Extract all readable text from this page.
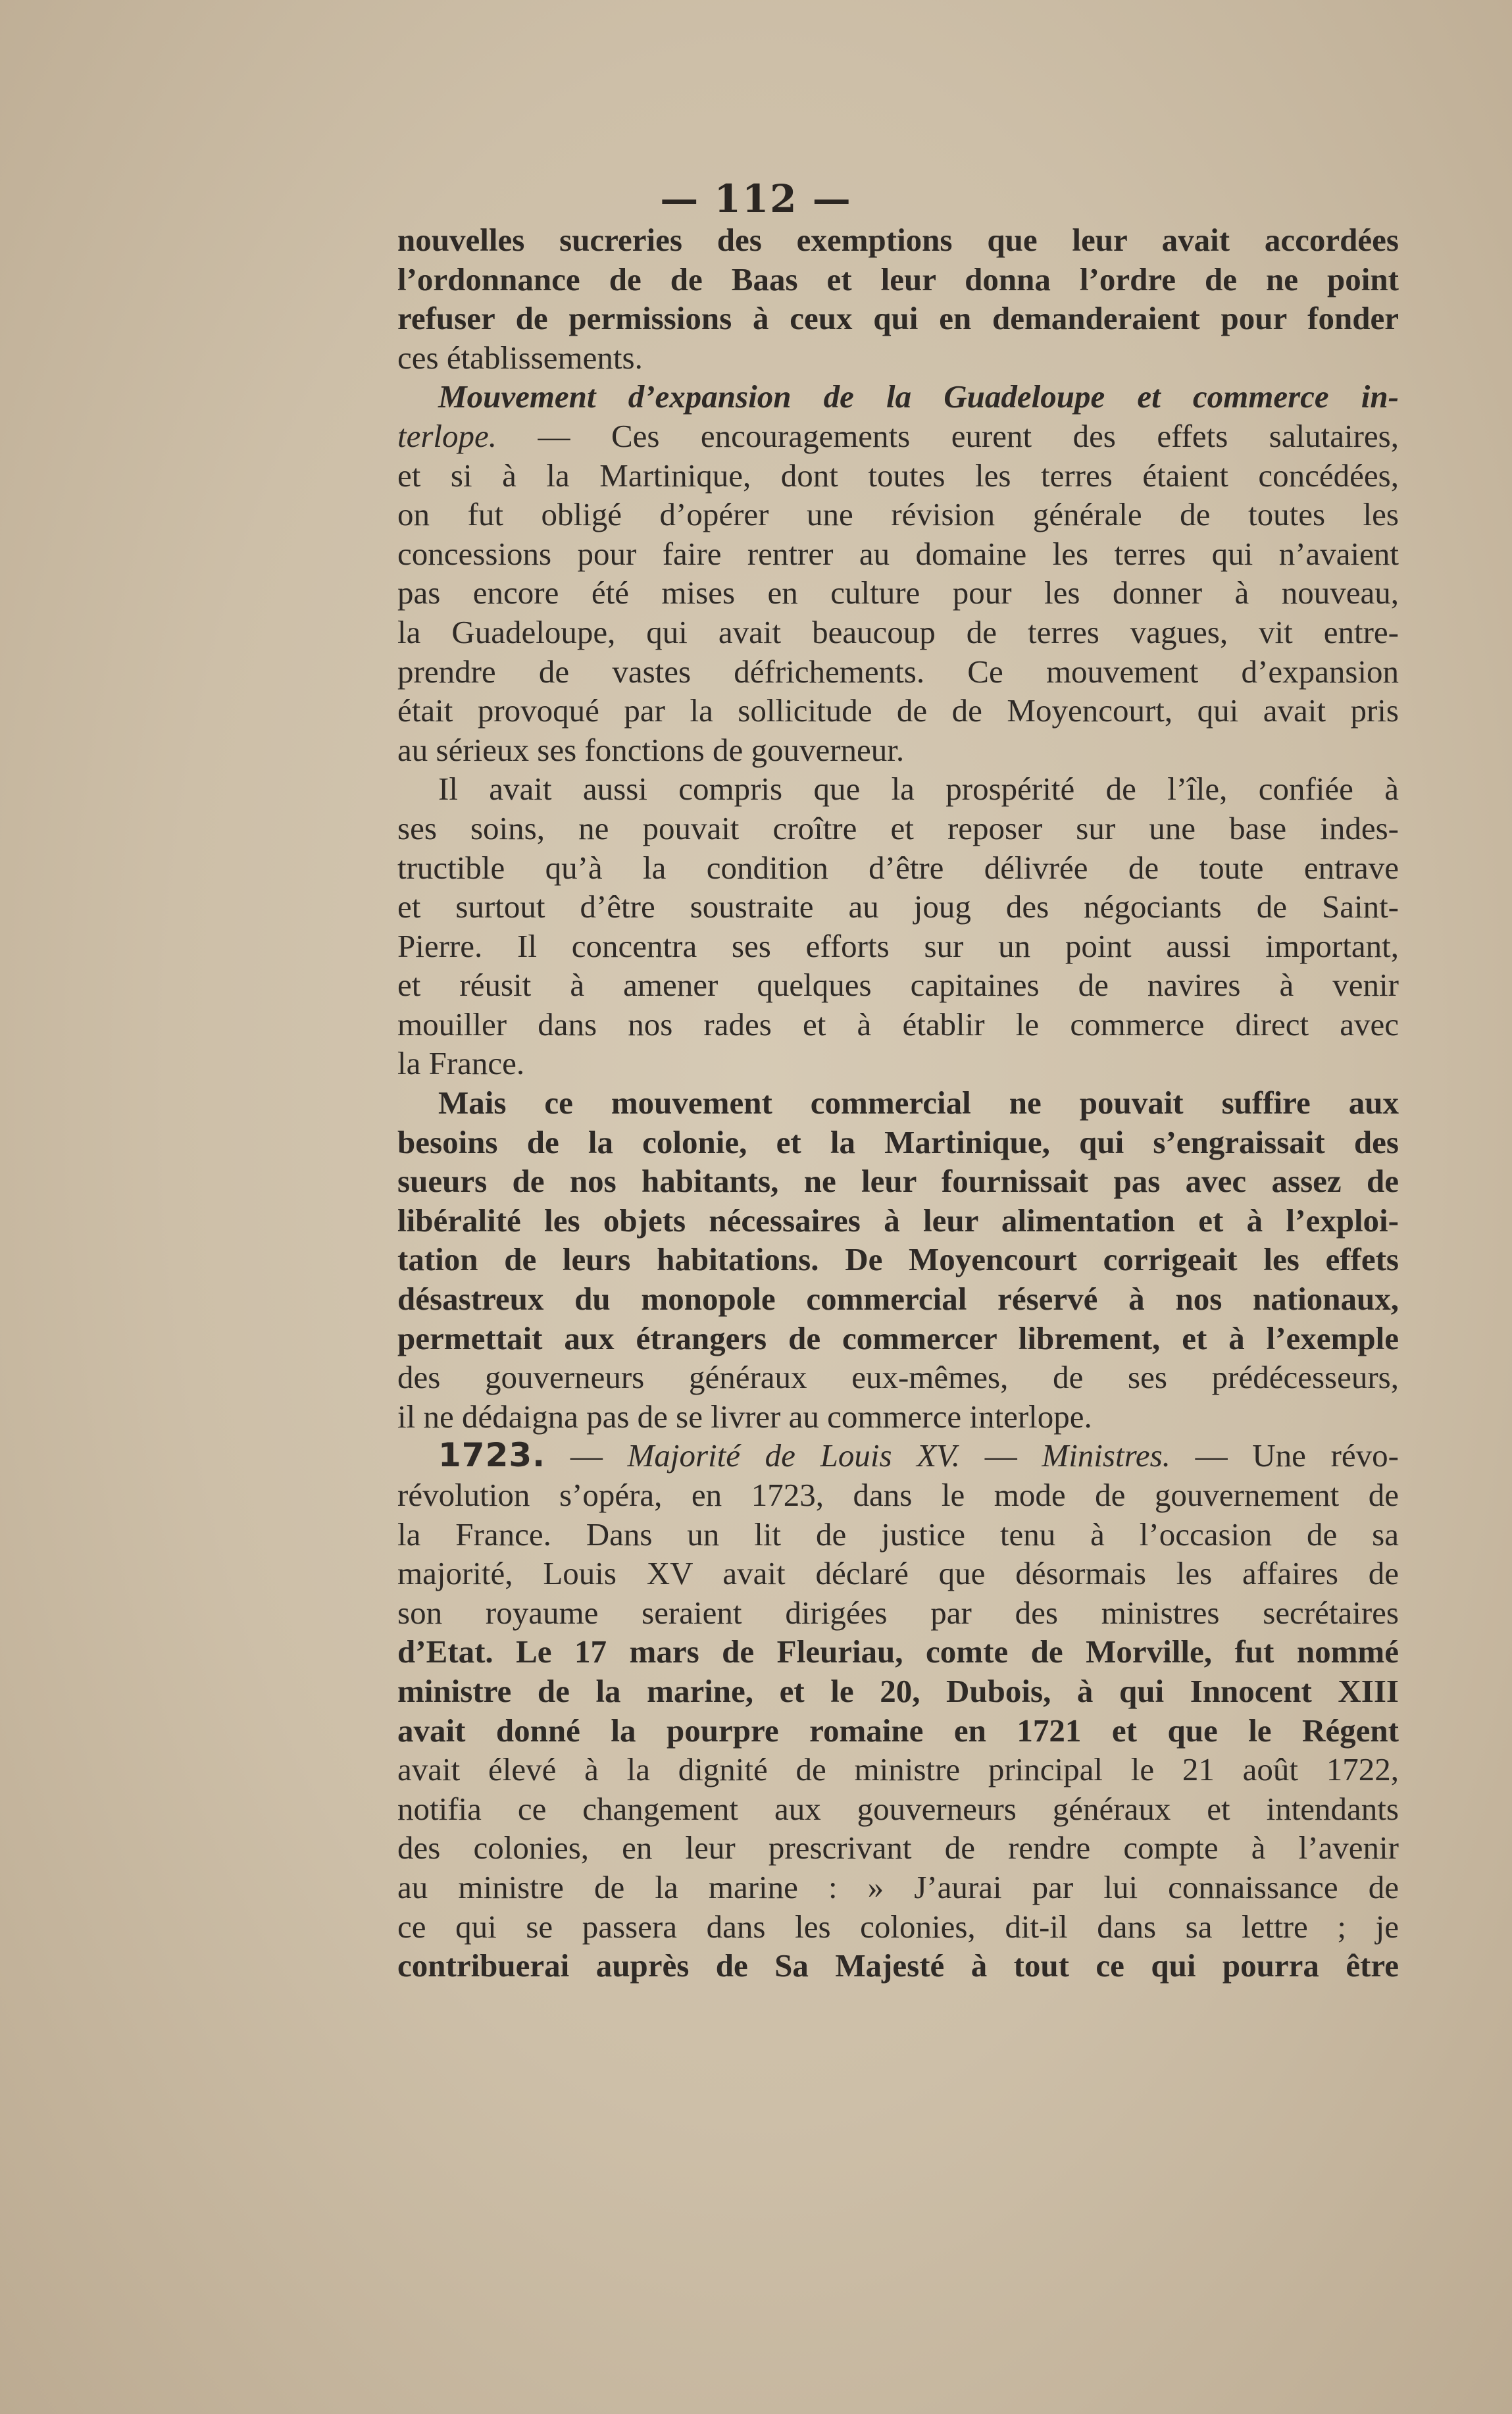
— 112 —
nouvelles sucreries des exemptions que leur avait accordées
l’ordonnance de de Baas et leur donna l’ordre de ne point
refuser de permissions à ceux qui en demanderaient pour fonder
ces établissements.
Mouvement d’expansion de la Guadeloupe et commerce in-
terlope. — Ces encouragements eurent des effets salutaires,
et si à la Martinique, dont toutes les terres étaient concédées,
on fut obligé d’opérer une révision générale de toutes les
concessions pour faire rentrer au domaine les terres qui n’avaient
pas encore été mises en culture pour les donner à nouveau,
la Guadeloupe, qui avait beaucoup de terres vagues, vit entre-
prendre de vastes défrichements. Ce mouvement d’expansion
était provoqué par la sollicitude de de Moyencourt, qui avait pris
au sérieux ses fonctions de gouverneur.
Il avait aussi compris que la prospérité de l’île, confiée à
ses soins, ne pouvait croître et reposer sur une base indes-
tructible qu’à la condition d’être délivrée de toute entrave
et surtout d’être soustraite au joug des négociants de Saint-
Pierre. Il concentra ses efforts sur un point aussi important,
et réusit à amener quelques capitaines de navires à venir
mouiller dans nos rades et à établir le commerce direct avec
la France.
Mais ce mouvement commercial ne pouvait suffire aux
besoins de la colonie, et la Martinique, qui s’engraissait des
sueurs de nos habitants, ne leur fournissait pas avec assez de
libéralité les objets nécessaires à leur alimentation et à l’exploi-
tation de leurs habitations. De Moyencourt corrigeait les effets
désastreux du monopole commercial réservé à nos nationaux,
permettait aux étrangers de commercer librement, et à l’exemple
des gouverneurs généraux eux-mêmes, de ses prédécesseurs,
il ne dédaigna pas de se livrer au commerce interlope.
1723. — Majorité de Louis XV. — Ministres. — Une révo-
révolution s’opéra, en 1723, dans le mode de gouvernement de
la France. Dans un lit de justice tenu à l’occasion de sa
majorité, Louis XV avait déclaré que désormais les affaires de
son royaume seraient dirigées par des ministres secrétaires
d’Etat. Le 17 mars de Fleuriau, comte de Morville, fut nommé
ministre de la marine, et le 20, Dubois, à qui Innocent XIII
avait donné la pourpre romaine en 1721 et que le Régent
avait élevé à la dignité de ministre principal le 21 août 1722,
notifia ce changement aux gouverneurs généraux et intendants
des colonies, en leur prescrivant de rendre compte à l’avenir
au ministre de la marine : » J’aurai par lui connaissance de
ce qui se passera dans les colonies, dit-il dans sa lettre ; je
contribuerai auprès de Sa Majesté à tout ce qui pourra être
